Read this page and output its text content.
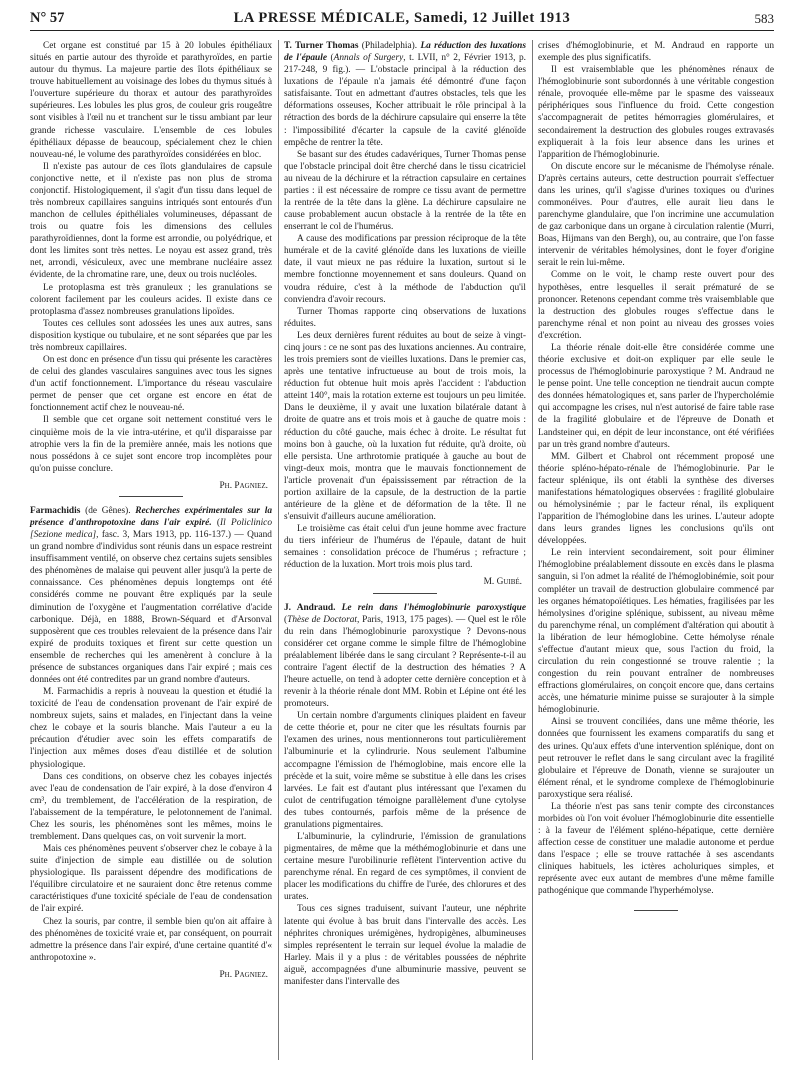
N° 57	LA PRESSE MÉDICALE, Samedi, 12 Juillet 1913	583

Cet organe est constitué par 15 à 20 lobules épithéliaux situés en partie autour des thyroïde et parathyroïdes, en partie autour du thymus. La majeure partie des îlots épithéliaux se trouve habituellement au voisinage des lobes du thymus situés à l'ouverture supérieure du thorax et autour des parathyroïdes supérieures. Les lobules les plus gros, de couleur gris rougeâtre sont visibles à l'œil nu et tranchent sur le tissu ambiant par leur grande richesse vasculaire. L'ensemble de ces lobules épithéliaux dépasse de beaucoup, spécialement chez le chien nouveau-né, le volume des parathyroïdes considérées en bloc.

Il n'existe pas autour de ces îlots glandulaires de capsule conjonctive nette, et il n'existe pas non plus de stroma conjonctif. Histologiquement, il s'agit d'un tissu dans lequel de très nombreux capillaires sanguins intriqués sont entourés d'un manchon de cellules épithéliales volumineuses, dépassant de trois ou quatre fois les dimensions des cellules parathyroïdiennes, dont la forme est arrondie, ou polyédrique, et dont les limites sont très nettes. Le noyau est assez grand, très net, arrondi, vésiculeux, avec une membrane nucléaire assez évidente, de la chromatine rare, une, deux ou trois nucléoles.

Le protoplasma est très granuleux ; les granulations se colorent facilement par les couleurs acides. Il existe dans ce protoplasma d'assez nombreuses granulations lipoïdes.

Toutes ces cellules sont adossées les unes aux autres, sans disposition kystique ou tubulaire, et ne sont séparées que par les très nombreux capillaires.

On est donc en présence d'un tissu qui présente les caractères de celui des glandes vasculaires sanguines avec tous les signes d'un actif fonctionnement. L'importance du réseau vasculaire permet de penser que cet organe est encore en état de fonctionnement actif chez le nouveau-né.

Il semble que cet organe soit nettement constitué vers le cinquième mois de la vie intra-utérine, et qu'il disparaisse par atrophie vers la fin de la première année, mais les notions que nous possédons à ce sujet sont encore trop incomplètes pour qu'on puisse conclure.

Ph. Pagniez.

Farmachidis (de Gênes). Recherches expérimentales sur la présence d'anthropotoxine dans l'air expiré. (Il Policlinico [Sezione medica], fasc. 3, Mars 1913, pp. 116-137.) — Quand un grand nombre d'individus sont réunis dans un espace restreint insuffisamment ventilé, on observe chez certains sujets sensibles des phénomènes de malaise qui peuvent aller jusqu'à la perte de connaissance. Ces phénomènes depuis longtemps ont été considérés comme ne pouvant être expliqués par la seule diminution de l'oxygène et l'augmentation corrélative d'acide carbonique. Déjà, en 1888, Brown-Séquard et d'Arsonval supposèrent que ces troubles relevaient de la présence dans l'air expiré de produits toxiques et firent sur cette question un ensemble de recherches qui les amenèrent à conclure à la présence de substances organiques dans l'air expiré ; mais ces données ont été contredites par un grand nombre d'auteurs.

M. Farmachidis a repris à nouveau la question et étudié la toxicité de l'eau de condensation provenant de l'air expiré de nombreux sujets, sains et malades, en l'injectant dans la veine chez le cobaye et la souris blanche. Mais l'auteur a eu la précaution d'étudier avec soin les effets comparatifs de l'injection aux mêmes doses d'eau distillée et de solution physiologique.

Dans ces conditions, on observe chez les cobayes injectés avec l'eau de condensation de l'air expiré, à la dose d'environ 4 cm³, du tremblement, de l'accélération de la respiration, de l'abaissement de la température, le pelotonnement de l'animal. Chez les souris, les phénomènes sont les mêmes, moins le tremblement. Dans quelques cas, on voit survenir la mort.

Mais ces phénomènes peuvent s'observer chez le cobaye à la suite d'injection de simple eau distillée ou de solution physiologique. Ils paraissent dépendre des modifications de l'équilibre circulatoire et ne sauraient donc être retenus comme caractéristiques d'une toxicité spéciale de l'eau de condensation de l'air expiré.

Chez la souris, par contre, il semble bien qu'on ait affaire à des phénomènes de toxicité vraie et, par conséquent, on pourrait admettre la présence dans l'air expiré, d'une certaine quantité d'« anthropotoxine ».

Ph. Pagniez.

T. Turner Thomas (Philadelphia). La réduction des luxations de l'épaule (Annals of Surgery, t. LVII, n° 2, Février 1913, p. 217-248, 9 fig.). — L'obstacle principal à la réduction des luxations de l'épaule n'a jamais été démontré d'une façon satisfaisante. Tout en admettant d'autres obstacles, tels que les déformations osseuses, Kocher attribuait le rôle principal à la rétraction des bords de la déchirure capsulaire qui enserre la tête : l'impossibilité d'écarter la capsule de la cavité glénoïde empêche de rentrer la tête.

Se basant sur des études cadavériques, Turner Thomas pense que l'obstacle principal doit être cherché dans le tissu cicatriciel au niveau de la déchirure et la rétraction capsulaire en certaines parties : il est nécessaire de rompre ce tissu avant de permettre la rentrée de la tête dans la glène. La déchirure capsulaire ne cause probablement aucun obstacle à la rentrée de la tête en enserrant le col de l'humérus.

A cause des modifications par pression réciproque de la tête humérale et de la cavité glénoïde dans les luxations de vieille date, il vaut mieux ne pas réduire la luxation, surtout si le membre fonctionne moyennement et sans douleurs. Quand on voudra réduire, c'est à la méthode de l'abduction qu'il conviendra d'avoir recours.

Turner Thomas rapporte cinq observations de luxations réduites.

Les deux dernières furent réduites au bout de seize à vingt-cinq jours : ce ne sont pas des luxations anciennes. Au contraire, les trois premiers sont de vieilles luxations. Dans le premier cas, après une tentative infructueuse au bout de trois mois, la réduction fut obtenue huit mois après l'accident : l'abduction atteint 140°, mais la rotation externe est toujours un peu limitée. Dans le deuxième, il y avait une luxation bilatérale datant à droite de quatre ans et trois mois et à gauche de quatre mois : réduction du côté gauche, mais échec à droite. Le résultat fut moins bon à gauche, où la luxation fut réduite, qu'à droite, où elle persista. Une arthrotomie pratiquée à gauche au bout de vingt-deux mois, montra que le mauvais fonctionnement de l'article provenait d'un épaississement par rétraction de la portion axillaire de la capsule, de la destruction de la partie antérieure de la glène et de déformation de la tête. Il ne s'ensuivit d'ailleurs aucune amélioration.

Le troisième cas était celui d'un jeune homme avec fracture du tiers inférieur de l'humérus de l'épaule, datant de huit semaines : consolidation précoce de l'humérus ; refracture ; réduction de la luxation. Mort trois mois plus tard.

M. Guibé.

J. Andraud. Le rein dans l'hémoglobinurie paroxystique (Thèse de Doctorat, Paris, 1913, 175 pages). — Quel est le rôle du rein dans l'hémoglobinurie paroxystique ? Devons-nous considérer cet organe comme le simple filtre de l'hémoglobine préalablement libérée dans le sang circulant ? Représente-t-il au contraire l'agent électif de la destruction des hématies ? A l'heure actuelle, on tend à adopter cette dernière conception et à revenir à la théorie rénale dont MM. Robin et Lépine ont été les promoteurs.

Un certain nombre d'arguments cliniques plaident en faveur de cette théorie et, pour ne citer que les résultats fournis par l'examen des urines, nous mentionnerons tout particulièrement l'albuminurie et la cylindrurie. Nous seulement l'albumine accompagne l'émission de l'hémoglobine, mais encore elle la précède et la suit, voire même se substitue à elle dans les crises larvées. Le fait est d'autant plus intéressant que l'examen du culot de centrifugation témoigne parallèlement d'une cytolyse des tubes contournés, parfois même de la présence de granulations pigmentaires.

L'albuminurie, la cylindrurie, l'émission de granulations pigmentaires, de même que la méthémoglobinurie et dans une certaine mesure l'urobilinurie reflètent l'intervention active du parenchyme rénal. En regard de ces symptômes, il convient de placer les modifications du chiffre de l'urée, des chlorures et des urates.

Tous ces signes traduisent, suivant l'auteur, une néphrite latente qui évolue à bas bruit dans l'intervalle des accès. Les néphrites chroniques urémigènes, hydropigènes, albumineuses simples représentent le terrain sur lequel évolue la maladie de Harley. Mais il y a plus : de véritables poussées de néphrite aiguë, accompagnées d'une albuminurie massive, peuvent se manifester dans l'intervalle des

crises d'hémoglobinurie, et M. Andraud en rapporte un exemple des plus significatifs.

Il est vraisemblable que les phénomènes rénaux de l'hémoglobinurie sont subordonnés à une véritable congestion rénale, provoquée elle-même par le spasme des vaisseaux périphériques sous l'influence du froid. Cette congestion s'accompagnerait de petites hémorragies glomérulaires, et secondairement la destruction des globules rouges extravasés expliquerait à la fois leur absence dans les urines et l'apparition de l'hémoglobinurie.

On discute encore sur le mécanisme de l'hémolyse rénale. D'après certains auteurs, cette destruction pourrait s'effectuer dans les urines, qu'il s'agisse d'urines toxiques ou d'urines commonéives. Pour d'autres, elle aurait lieu dans le parenchyme glandulaire, que l'on incrimine une accumulation de gaz carbonique dans un organe à circulation ralentie (Murri, Boas, Hijmans van den Bergh), ou, au contraire, que l'on fasse intervenir de véritables hémolysines, dont le foyer d'origine serait le rein lui-même.

Comme on le voit, le champ reste ouvert pour des hypothèses, entre lesquelles il serait prématuré de se prononcer. Retenons cependant comme très vraisemblable que la destruction des globules rouges s'effectue dans le parenchyme rénal et non point au niveau des grosses voies d'excrétion.

La théorie rénale doit-elle être considérée comme une théorie exclusive et doit-on expliquer par elle seule le processus de l'hémoglobinurie paroxystique ? M. Andraud ne le pense point. Une telle conception ne tiendrait aucun compte des données hématologiques et, sans parler de l'hypercholémie qui accompagne les crises, nul n'est autorisé de faire table rase de la fragilité globulaire et de l'épreuve de Donath et Landsteiner qui, en dépit de leur inconstance, ont été vérifiées par un très grand nombre d'auteurs.

MM. Gilbert et Chabrol ont récemment proposé une théorie spléno-hépato-rénale de l'hémoglobinurie. Par le facteur splénique, ils ont établi la synthèse des diverses manifestations hématologiques observées : fragilité globulaire ou hémolysinémie ; par le facteur rénal, ils expliquent l'apparition de l'hémoglobine dans les urines. L'auteur adopte dans leurs grandes lignes les conclusions qu'ils ont développées.

Le rein intervient secondairement, soit pour éliminer l'hémoglobine préalablement dissoute en excès dans le plasma sanguin, si l'on admet la réalité de l'hémoglobinémie, soit pour compléter un travail de destruction globulaire commencé par les organes hématopoïétiques. Les hématies, fragilisées par les hémolysines d'origine splénique, subissent, au niveau même du parenchyme rénal, un complément d'altération qui aboutit à la libération de leur hémoglobine. Cette hémolyse rénale s'effectue d'autant mieux que, sous l'action du froid, la circulation du rein congestionné se trouve ralentie ; la congestion du rein pouvant entraîner de nombreuses effractions glomérulaires, on conçoit encore que, dans certains accès, une hématurie minime puisse se surajouter à la simple hémoglobinurie.

Ainsi se trouvent conciliées, dans une même théorie, les données que fournissent les examens comparatifs du sang et des urines. Qu'aux effets d'une intervention splénique, dont on peut retrouver le reflet dans le sang circulant avec la fragilité globulaire et l'épreuve de Donath, vienne se surajouter un élément rénal, et le syndrome complexe de l'hémoglobinurie paroxystique sera réalisé.

La théorie n'est pas sans tenir compte des circonstances morbides où l'on voit évoluer l'hémoglobinurie dite essentielle : à la faveur de l'élément spléno-hépatique, cette dernière affection cesse de constituer une maladie autonome et perdue dans l'espace ; elle se trouve rattachée à ses ascendants cliniques habituels, les ictères acholuriques simples, et représente avec eux autant de membres d'une même famille pathogénique que commande l'hyperhémolyse.
